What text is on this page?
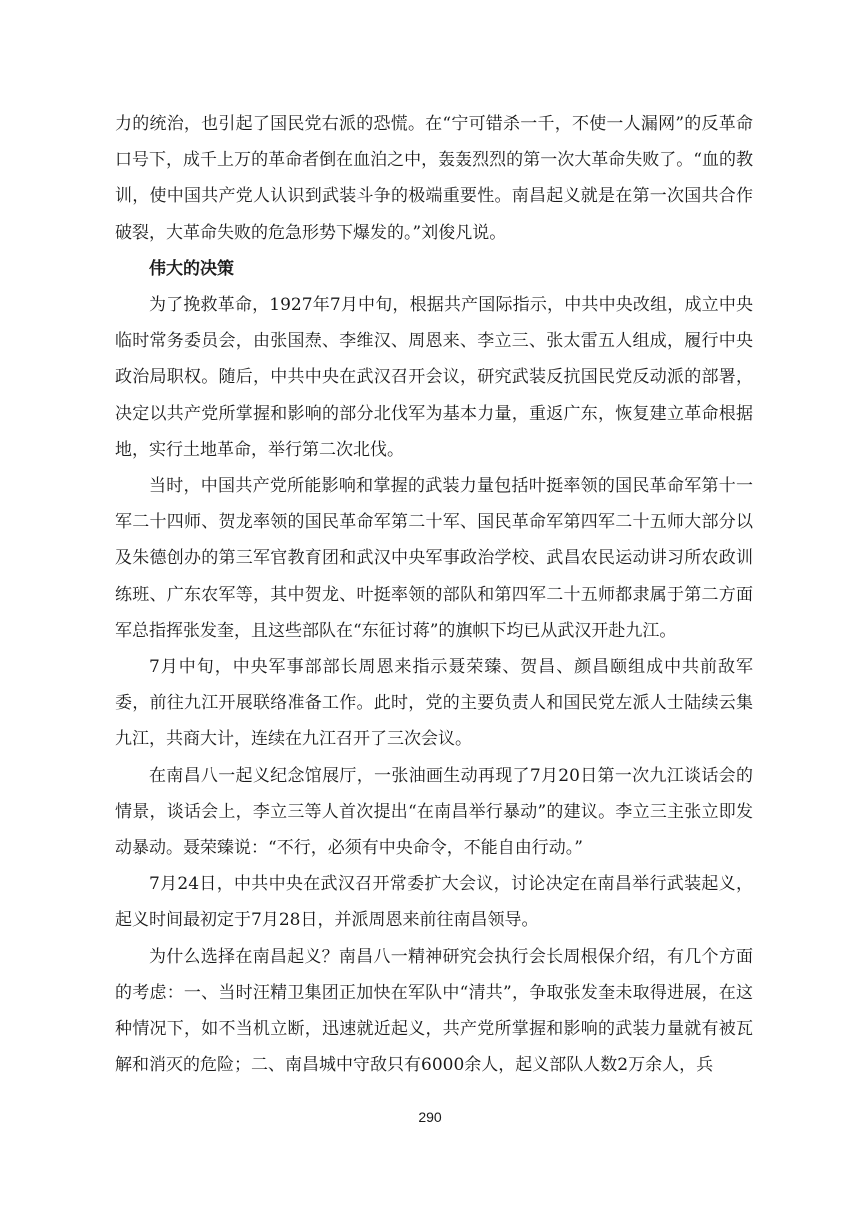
力的统治，也引起了国民党右派的恐慌。在“宁可错杀一千，不使一人漏网”的反革命口号下，成千上万的革命者倒在血泊之中，轰轰烈烈的第一次大革命失败了。“血的教训，使中国共产党人认识到武装斗争的极端重要性。南昌起义就是在第一次国共合作破裂，大革命失败的危急形势下爆发的。”刘俊凡说。

伟大的决策

为了挽救革命，1927年7月中旬，根据共产国际指示，中共中央改组，成立中央临时常务委员会，由张国焘、李维汉、周恩来、李立三、张太雷五人组成，履行中央政治局职权。随后，中共中央在武汉召开会议，研究武装反抗国民党反动派的部署，决定以共产党所掌握和影响的部分北伐军为基本力量，重返广东，恢复建立革命根据地，实行土地革命，举行第二次北伐。

当时，中国共产党所能影响和掌握的武装力量包括叶挺率领的国民革命军第十一军二十四师、贺龙率领的国民革命军第二十军、国民革命军第四军二十五师大部分以及朱德创办的第三军官教育团和武汉中央军事政治学校、武昌农民运动讲习所农政训练班、广东农军等，其中贺龙、叶挺率领的部队和第四军二十五师都隶属于第二方面军总指挥张发奎，且这些部队在“东征讨蒋”的旗帜下均已从武汉开赴九江。

7月中旬，中央军事部部长周恩来指示聂荣臻、贺昌、颜昌颐组成中共前敌军委，前往九江开展联络准备工作。此时，党的主要负责人和国民党左派人士陆续云集九江，共商大计，连续在九江召开了三次会议。

在南昌八一起义纪念馆展厅，一张油画生动再现了7月20日第一次九江谈话会的情景，谈话会上，李立三等人首次提出“在南昌举行暴动”的建议。李立三主张立即发动暴动。聂荣臻说：“不行，必须有中央命令，不能自由行动。”

7月24日，中共中央在武汉召开常委扩大会议，讨论决定在南昌举行武装起义，起义时间最初定于7月28日，并派周恩来前往南昌领导。

为什么选择在南昌起义？南昌八一精神研究会执行会长周根保介绍，有几个方面的考虑：一、当时汪精卫集团正加快在军队中“清共”，争取张发奎未取得进展，在这种情况下，如不当机立断，迅速就近起义，共产党所掌握和影响的武装力量就有被瓦解和消灭的危险；二、南昌城中守敌只有6000余人，起义部队人数2万余人，兵

290
